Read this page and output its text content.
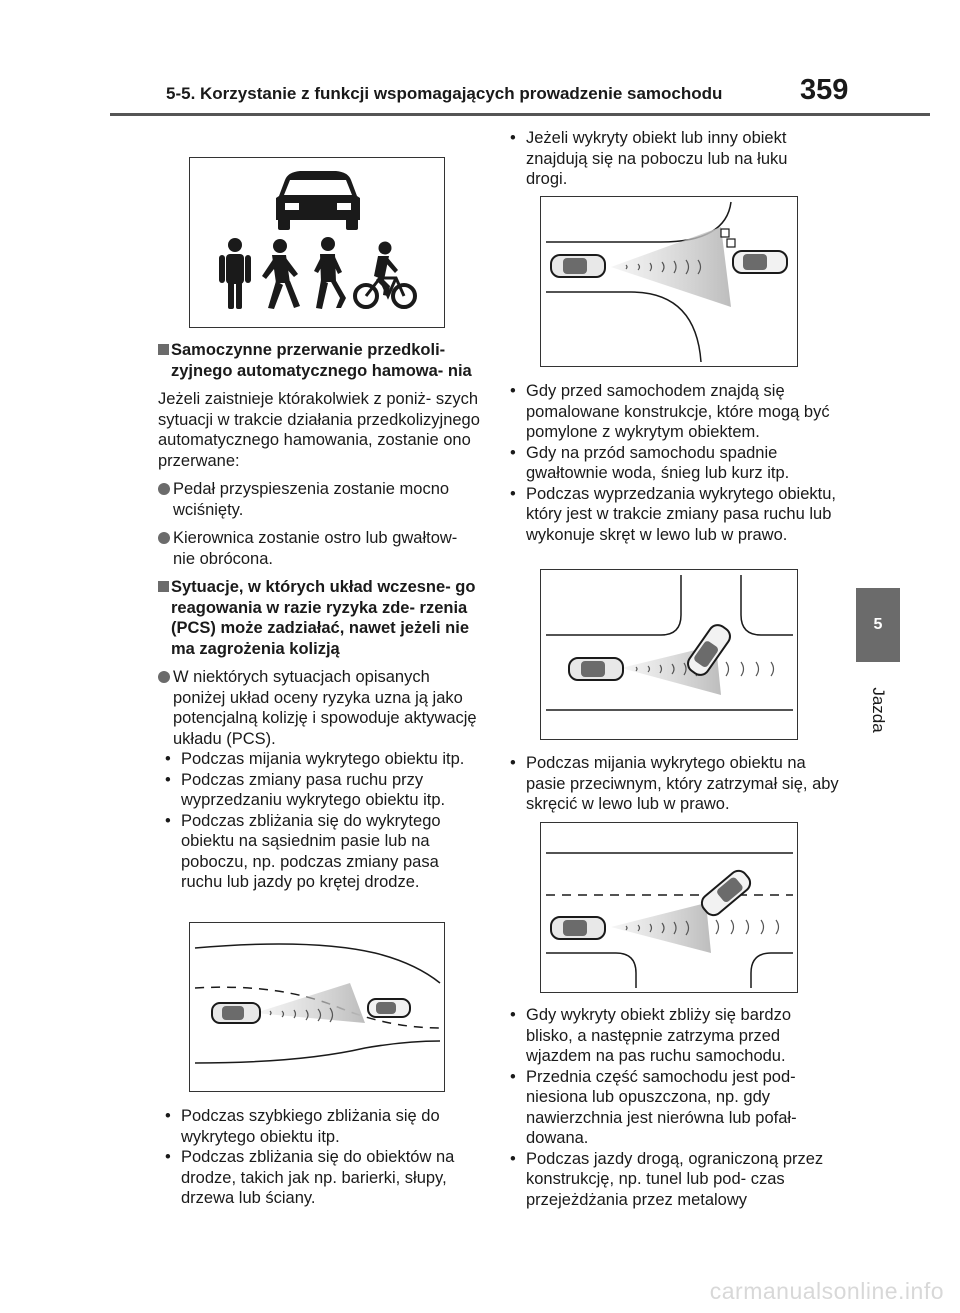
5-5. Korzystanie z funkcji wspomagających prowadzenie samochodu	359
5
Jazda
Samoczynne przerwanie przedkoli- zyjnego automatycznego hamowa- nia
Jeżeli zaistnieje którakolwiek z poniż- szych sytuacji w trakcie działania przedkolizyjnego automatycznego hamowania, zostanie ono przerwane:
Pedał przyspieszenia zostanie mocno wciśnięty.
Kierownica zostanie ostro lub gwałtow- nie obrócona.
Sytuacje, w których układ wczesne- go reagowania w razie ryzyka zde- rzenia (PCS) może zadziałać, nawet jeżeli nie ma zagrożenia kolizją
W niektórych sytuacjach opisanych poniżej układ oceny ryzyka uzna ją jako potencjalną kolizję i spowoduje aktywację układu (PCS).
• Podczas mijania wykrytego obiektu itp.
• Podczas zmiany pasa ruchu przy wyprzedzaniu wykrytego obiektu itp.
• Podczas zbliżania się do wykrytego obiektu na sąsiednim pasie lub na poboczu, np. podczas zmiany pasa ruchu lub jazdy po krętej drodze.
• Podczas szybkiego zbliżania się do wykrytego obiektu itp.
• Podczas zbliżania się do obiektów na drodze, takich jak np. barierki, słupy, drzewa lub ściany.
• Jeżeli wykryty obiekt lub inny obiekt znajdują się na poboczu lub na łuku drogi.
• Gdy przed samochodem znajdą się pomalowane konstrukcje, które mogą być pomylone z wykrytym obiektem.
• Gdy na przód samochodu spadnie gwałtownie woda, śnieg lub kurz itp.
• Podczas wyprzedzania wykrytego obiektu, który jest w trakcie zmiany pasa ruchu lub wykonuje skręt w lewo lub w prawo.
• Podczas mijania wykrytego obiektu na pasie przeciwnym, który zatrzymał się, aby skręcić w lewo lub w prawo.
• Gdy wykryty obiekt zbliży się bardzo blisko, a następnie zatrzyma przed wjazdem na pas ruchu samochodu.
• Przednia część samochodu jest pod- niesiona lub opuszczona, np. gdy nawierzchnia jest nierówna lub pofał- dowana.
• Podczas jazdy drogą, ograniczoną przez konstrukcję, np. tunel lub pod- czas przejeżdżania przez metalowy
carmanualsonline.info
